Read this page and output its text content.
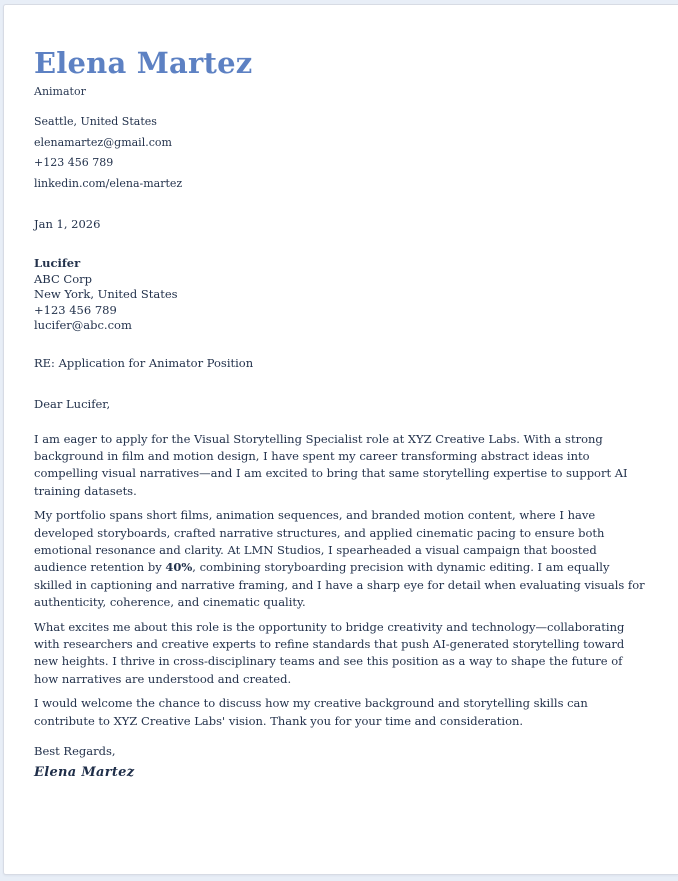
Elena Martez
Animator
Seattle, United States
elenamartez@gmail.com
+123 456 789
linkedin.com/elena-martez
Jan 1, 2026
Lucifer
ABC Corp
New York, United States
+123 456 789
lucifer@abc.com
RE: Application for Animator Position
Dear Lucifer,

I am eager to apply for the Visual Storytelling Specialist role at XYZ Creative Labs. With a strong background in film and motion design, I have spent my career transforming abstract ideas into compelling visual narratives—and I am excited to bring that same storytelling expertise to support AI training datasets.

My portfolio spans short films, animation sequences, and branded motion content, where I have developed storyboards, crafted narrative structures, and applied cinematic pacing to ensure both emotional resonance and clarity. At LMN Studios, I spearheaded a visual campaign that boosted audience retention by 40%, combining storyboarding precision with dynamic editing. I am equally skilled in captioning and narrative framing, and I have a sharp eye for detail when evaluating visuals for authenticity, coherence, and cinematic quality.

What excites me about this role is the opportunity to bridge creativity and technology—collaborating with researchers and creative experts to refine standards that push AI-generated storytelling toward new heights. I thrive in cross-disciplinary teams and see this position as a way to shape the future of how narratives are understood and created.

I would welcome the chance to discuss how my creative background and storytelling skills can contribute to XYZ Creative Labs' vision. Thank you for your time and consideration.

Best Regards,
Elena Martez
